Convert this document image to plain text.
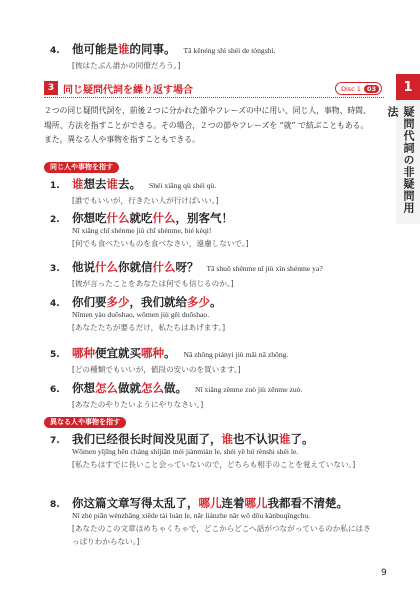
1
疑問代詞の非疑問用法
4.	他可能是谁的同事。 Tā kěnéng shì shéi de tóngshì.
[彼はたぶん誰かの同僚だろう。]
3 同じ疑問代詞を繰り返す場合	Disc 1 03
２つの同じ疑問代詞を，前後２つに分かれた節やフレーズの中に用い，同じ人，事物、時間、場所、方法を指すことができる。その場合，２つの節やフレーズを “就” で結ぶこともある。また，異なる人や事物を指すこともできる。
同じ人や事物を指す
1.	谁想去谁去。 Shéi xiǎng qù shéi qù.
[誰でもいいが，行きたい人が行けばいい。]
2.	你想吃什么就吃什么，别客气！
Nǐ xiǎng chī shénme jiù chī shénme, bié kèqi!
[何でも食べたいものを食べなさい，遠慮しないで。]
3.	他说什么你就信什么呀？ Tā shuō shénme nǐ jiù xìn shénme ya?
[彼が言ったことをあなたは何でも信じるのか。]
4.	你们要多少，我们就给多少。
Nǐmen yào duōshao, wǒmen jiù gěi duōshao.
[あなたたちが要るだけ，私たちはあげます。]
5.	哪种便宜就买哪种。 Nǎ zhǒng piányi jiù mǎi nǎ zhǒng.
[どの種類でもいいが，値段の安いのを買います。]
6.	你想怎么做就怎么做。 Nǐ xiǎng zěnme zuò jiù zěnme zuò.
[あなたのやりたいようにやりなさい。]
異なる人や事物を指す
7.	我们已经很长时间没见面了，谁也不认识谁了。
Wǒmen yǐjīng hěn cháng shíjiān méi jiànmiàn le, shéi yě bú rènshi shéi le.
[私たちはすでに長いこと会っていないので，どちらも相手のことを覚えていない。]
8.	你这篇文章写得太乱了，哪儿连着哪儿我都看不清楚。
Nǐ zhè piān wénzhāng xiěde tài luàn le, nǎr liánzhe nǎr wǒ dōu kànbuqīngchu.
[あなたのこの文章はめちゃくちゃで，どこからどこへ話がつながっているのか私にはさっぱりわからない。]
9
